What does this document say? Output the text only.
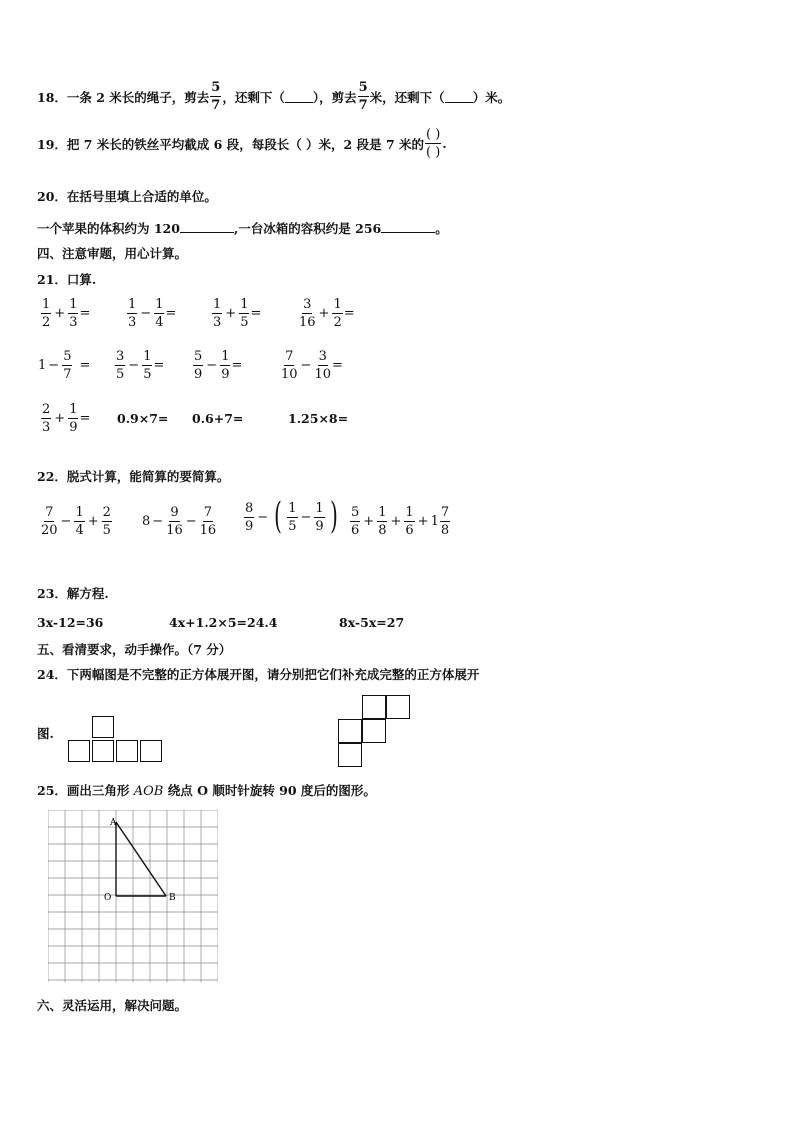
18．一条 2 米长的绳子，剪去 $\frac{5}{7}$ ，还剩下（ ），剪去 $\frac{5}{7}$ 米，还剩下（ ）米。
19．把 7 米长的铁丝平均截成 6 段，每段长（ ）米，2 段是 7 米的 $\frac{( )}{( )}$ .
20．在括号里填上合适的单位。
一个苹果的体积约为 120	,一台冰箱的容积约是 256	。
四、注意审题，用心计算。
21．口算.
$\frac{1}{2} + \frac{1}{3}$ =	$\frac{1}{3} - \frac{1}{4}$ =	$\frac{1}{3} + \frac{1}{5}$ =	$\frac{3}{16} + \frac{1}{2}$ =
$1 - \frac{5}{7} = \frac{3}{5} - \frac{1}{5} = \frac{5}{9} - \frac{1}{9}$ =	$\frac{7}{10} - \frac{3}{10}$ =
$\frac{2}{3} + \frac{1}{9} = 0.9\times 7= 0.6+7=$	1.25×8=
22．脱式计算，能简算的要简算。
$\frac{7}{20} - \frac{1}{4} + \frac{2}{5} 8 - \frac{9}{16} - \frac{7}{16} \frac{8}{9}$ − ( $\frac{1}{5} - \frac{1}{9}$ ) $\frac{5}{6} + \frac{1}{8} + \frac{1}{6} + 1 \frac{7}{8}$
23．解方程.
3x-12=36	4x+1.2×5=24.4	8x-5x=27
五、看清要求，动手操作。（7 分）
24．下两幅图是不完整的正方体展开图，请分别把它们补充成完整的正方体展开
图.
25．画出三角形 AOB 绕点 O 顺时针旋转 90 度后的图形。
A
O	B
六、灵活运用，解决问题。
